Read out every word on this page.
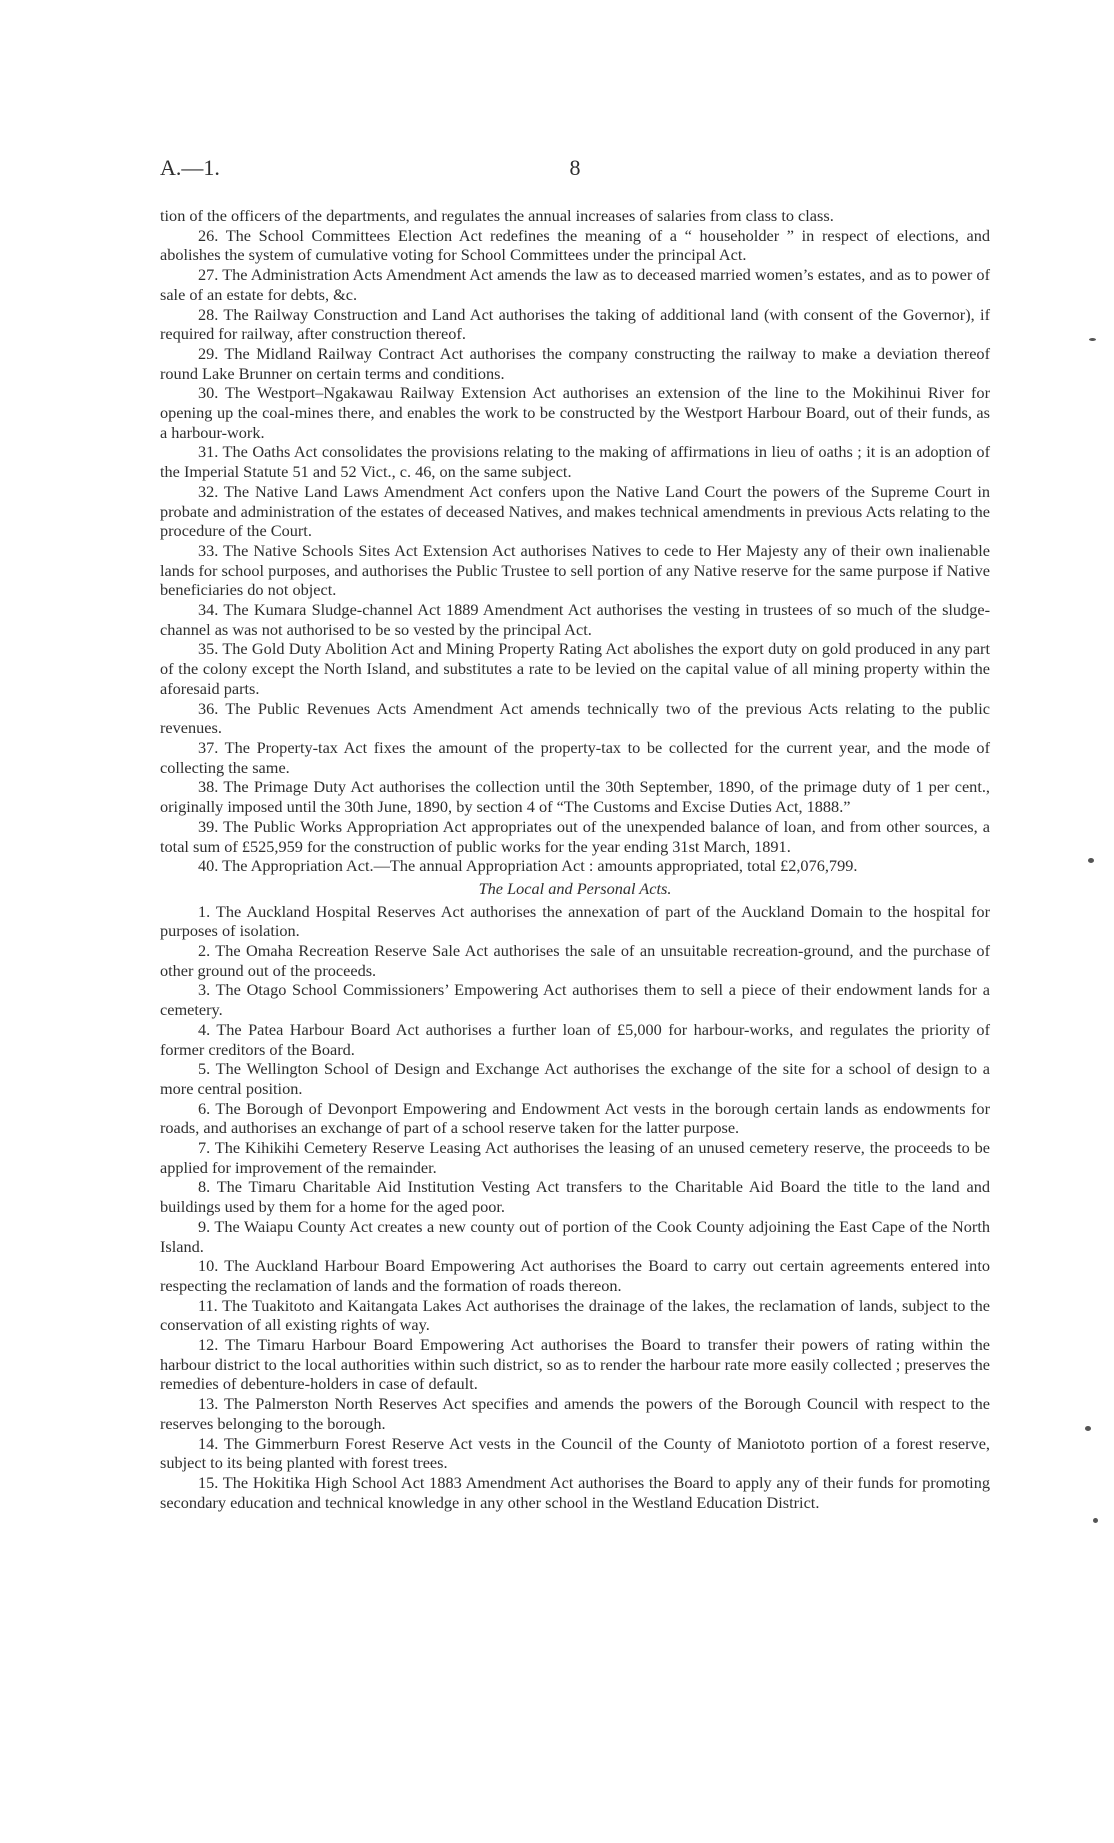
A.—1.	8

tion of the officers of the departments, and regulates the annual increases of salaries from class to class.

26. The School Committees Election Act redefines the meaning of a “ householder ” in respect of elections, and abolishes the system of cumulative voting for School Committees under the principal Act.

27. The Administration Acts Amendment Act amends the law as to deceased married women’s estates, and as to power of sale of an estate for debts, &c.

28. The Railway Construction and Land Act authorises the taking of additional land (with consent of the Governor), if required for railway, after construction thereof.

29. The Midland Railway Contract Act authorises the company constructing the railway to make a deviation thereof round Lake Brunner on certain terms and conditions.

30. The Westport–Ngakawau Railway Extension Act authorises an extension of the line to the Mokihinui River for opening up the coal-mines there, and enables the work to be constructed by the Westport Harbour Board, out of their funds, as a harbour-work.

31. The Oaths Act consolidates the provisions relating to the making of affirmations in lieu of oaths ; it is an adoption of the Imperial Statute 51 and 52 Vict., c. 46, on the same subject.

32. The Native Land Laws Amendment Act confers upon the Native Land Court the powers of the Supreme Court in probate and administration of the estates of deceased Natives, and makes technical amendments in previous Acts relating to the procedure of the Court.

33. The Native Schools Sites Act Extension Act authorises Natives to cede to Her Majesty any of their own inalienable lands for school purposes, and authorises the Public Trustee to sell portion of any Native reserve for the same purpose if Native beneficiaries do not object.

34. The Kumara Sludge-channel Act 1889 Amendment Act authorises the vesting in trustees of so much of the sludge-channel as was not authorised to be so vested by the principal Act.

35. The Gold Duty Abolition Act and Mining Property Rating Act abolishes the export duty on gold produced in any part of the colony except the North Island, and substitutes a rate to be levied on the capital value of all mining property within the aforesaid parts.

36. The Public Revenues Acts Amendment Act amends technically two of the previous Acts relating to the public revenues.

37. The Property-tax Act fixes the amount of the property-tax to be collected for the current year, and the mode of collecting the same.

38. The Primage Duty Act authorises the collection until the 30th September, 1890, of the primage duty of 1 per cent., originally imposed until the 30th June, 1890, by section 4 of “The Customs and Excise Duties Act, 1888.”

39. The Public Works Appropriation Act appropriates out of the unexpended balance of loan, and from other sources, a total sum of £525,959 for the construction of public works for the year ending 31st March, 1891.

40. The Appropriation Act.—The annual Appropriation Act : amounts appropriated, total £2,076,799.

The Local and Personal Acts.

1. The Auckland Hospital Reserves Act authorises the annexation of part of the Auckland Domain to the hospital for purposes of isolation.

2. The Omaha Recreation Reserve Sale Act authorises the sale of an unsuitable recreation-ground, and the purchase of other ground out of the proceeds.

3. The Otago School Commissioners’ Empowering Act authorises them to sell a piece of their endowment lands for a cemetery.

4. The Patea Harbour Board Act authorises a further loan of £5,000 for harbour-works, and regulates the priority of former creditors of the Board.

5. The Wellington School of Design and Exchange Act authorises the exchange of the site for a school of design to a more central position.

6. The Borough of Devonport Empowering and Endowment Act vests in the borough certain lands as endowments for roads, and authorises an exchange of part of a school reserve taken for the latter purpose.

7. The Kihikihi Cemetery Reserve Leasing Act authorises the leasing of an unused cemetery reserve, the proceeds to be applied for improvement of the remainder.

8. The Timaru Charitable Aid Institution Vesting Act transfers to the Charitable Aid Board the title to the land and buildings used by them for a home for the aged poor.

9. The Waiapu County Act creates a new county out of portion of the Cook County adjoining the East Cape of the North Island.

10. The Auckland Harbour Board Empowering Act authorises the Board to carry out certain agreements entered into respecting the reclamation of lands and the formation of roads thereon.

11. The Tuakitoto and Kaitangata Lakes Act authorises the drainage of the lakes, the reclamation of lands, subject to the conservation of all existing rights of way.

12. The Timaru Harbour Board Empowering Act authorises the Board to transfer their powers of rating within the harbour district to the local authorities within such district, so as to render the harbour rate more easily collected ; preserves the remedies of debenture-holders in case of default.

13. The Palmerston North Reserves Act specifies and amends the powers of the Borough Council with respect to the reserves belonging to the borough.

14. The Gimmerburn Forest Reserve Act vests in the Council of the County of Maniototo portion of a forest reserve, subject to its being planted with forest trees.

15. The Hokitika High School Act 1883 Amendment Act authorises the Board to apply any of their funds for promoting secondary education and technical knowledge in any other school in the Westland Education District.
